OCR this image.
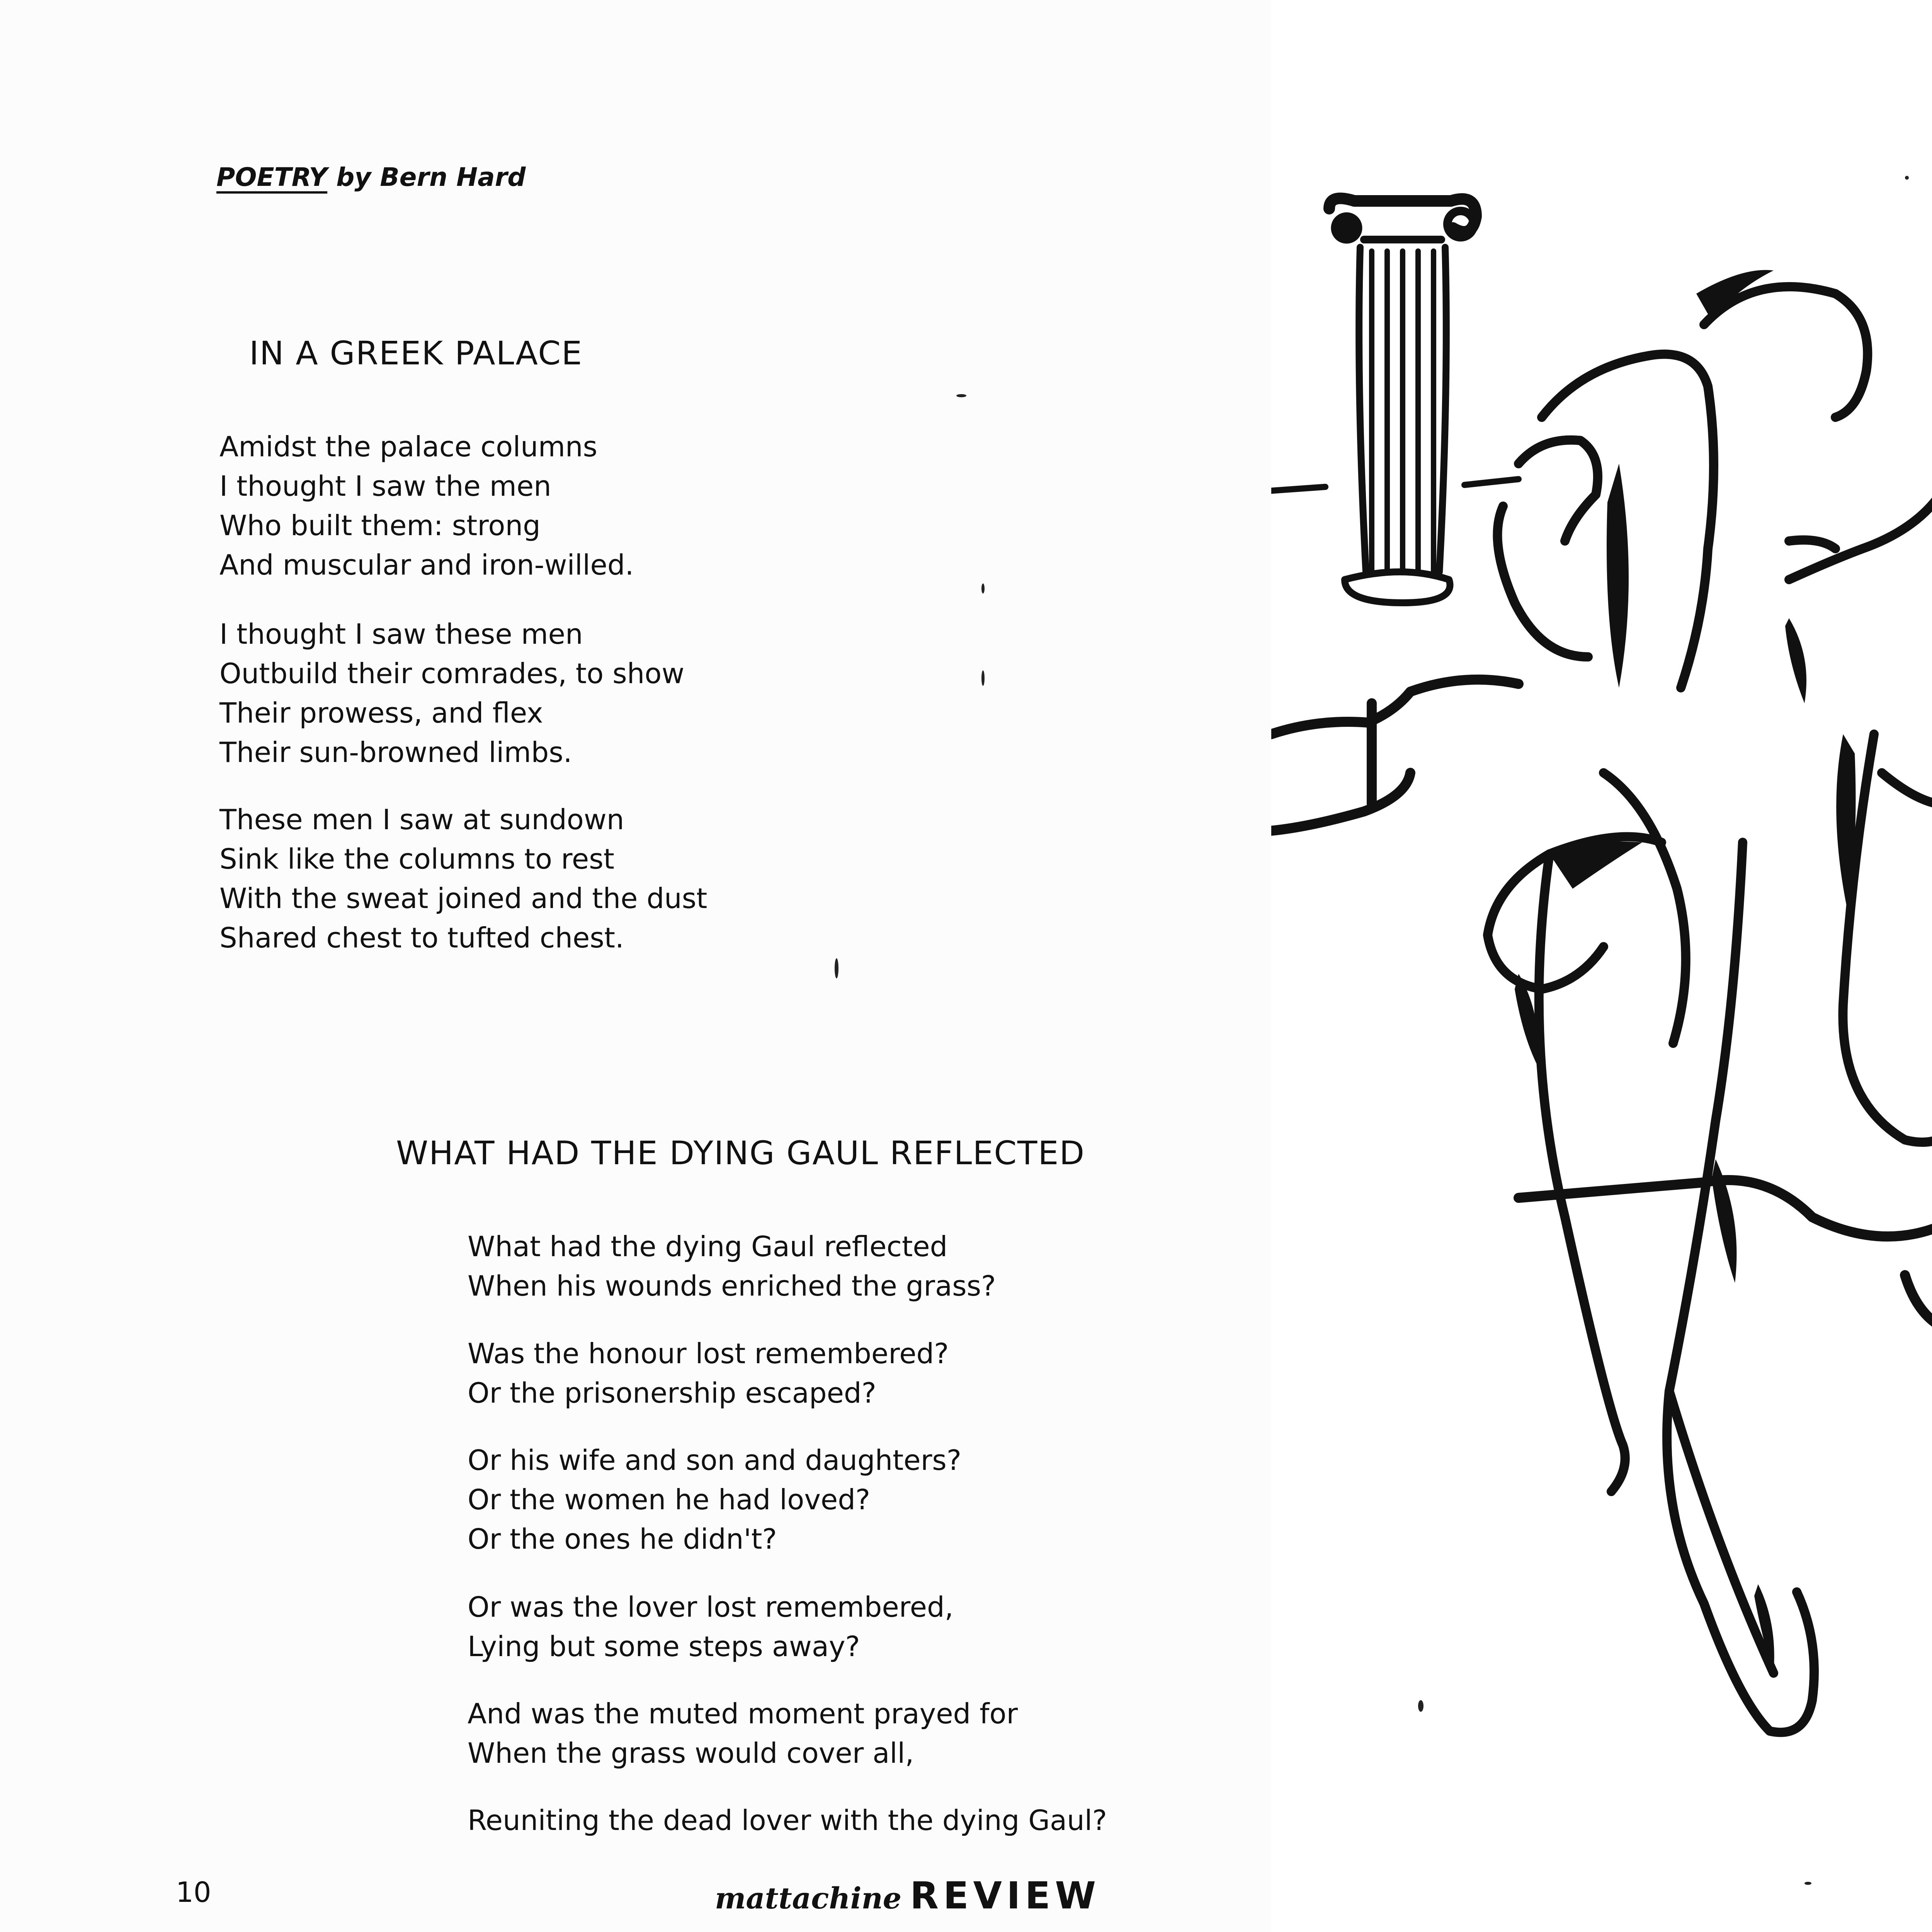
POETRY by Bern Hard
IN A GREEK PALACE
Amidst the palace columns
I thought I saw the men
Who built them: strong
And muscular and iron-willed.
I thought I saw these men
Outbuild their comrades, to show
Their prowess, and flex
Their sun-browned limbs.
These men I saw at sundown
Sink like the columns to rest
With the sweat joined and the dust
Shared chest to tufted chest.
WHAT HAD THE DYING GAUL REFLECTED
What had the dying Gaul reflected
When his wounds enriched the grass?
Was the honour lost remembered?
Or the prisonership escaped?
Or his wife and son and daughters?
Or the women he had loved?
Or the ones he didn't?
Or was the lover lost remembered,
Lying but some steps away?
And was the muted moment prayed for
When the grass would cover all,
Reuniting the dead lover with the dying Gaul?
10	mattachine REVIEW
